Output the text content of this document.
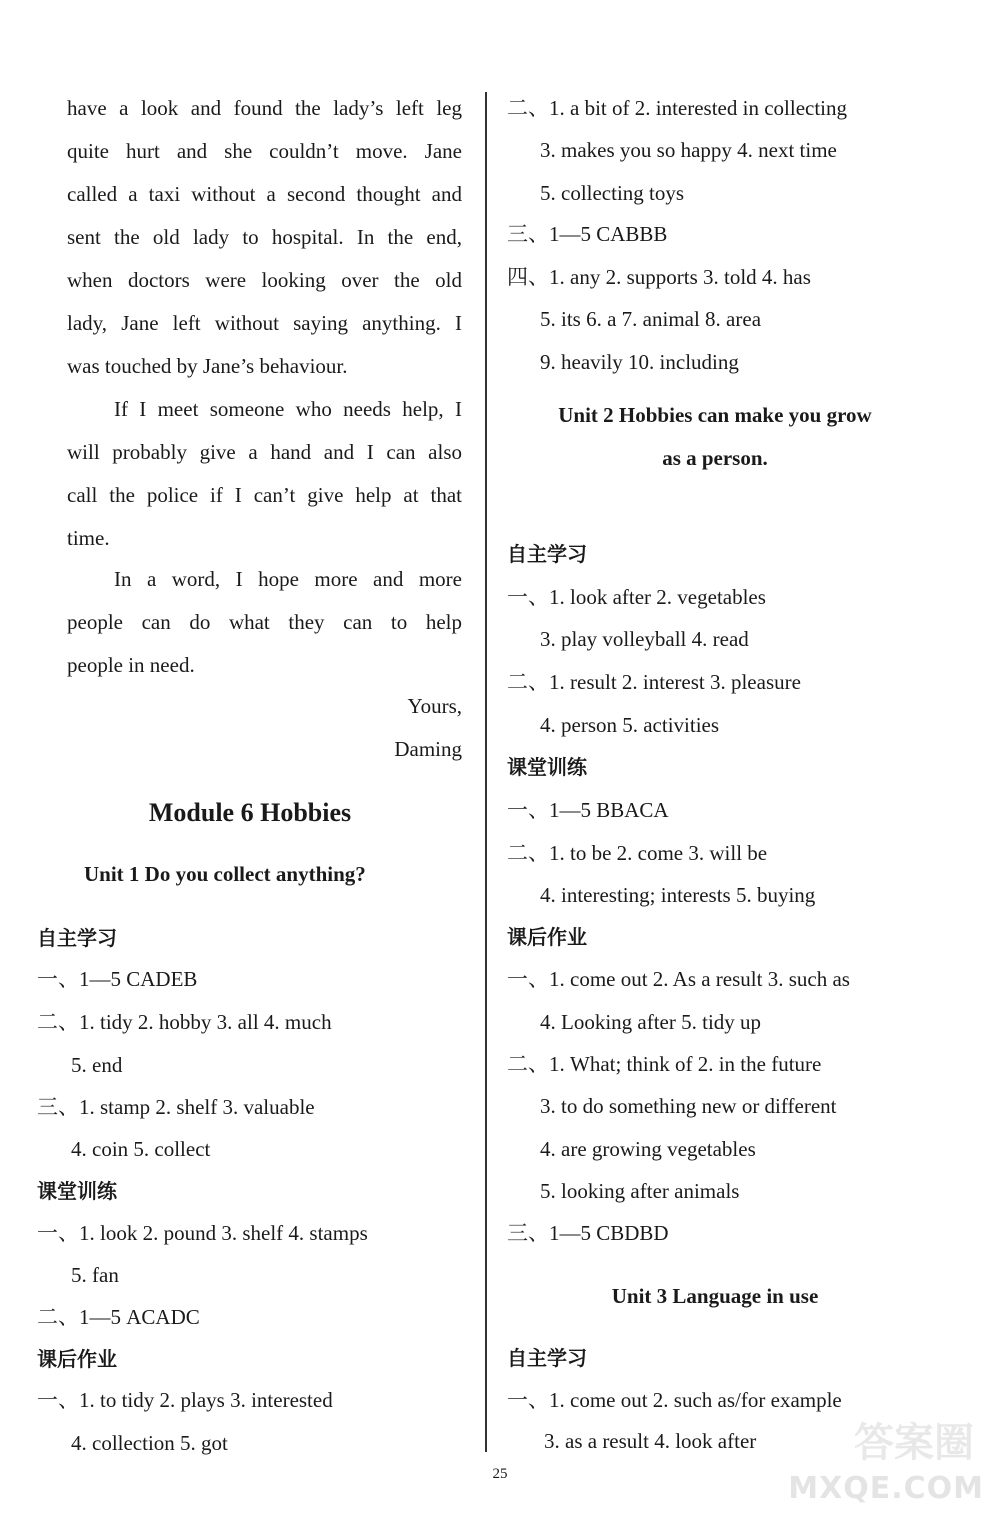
have a look and found the lady’s left leg
quite hurt and she couldn’t move. Jane
called a taxi without a second thought and
sent the old lady to hospital. In the end,
when doctors were looking over the old
lady, Jane left without saying anything. I
was touched by Jane’s behaviour.
If I meet someone who needs help, I
will probably give a hand and I can also
call the police if I can’t give help at that
time.
In a word, I hope more and more
people can do what they can to help
people in need.
Yours,
Daming
Module 6 Hobbies
Unit 1 Do you collect anything?
自主学习
一、1—5 CADEB
二、1. tidy 2. hobby 3. all 4. much
5. end
三、1. stamp 2. shelf 3. valuable
4. coin 5. collect
课堂训练
一、1. look 2. pound 3. shelf 4. stamps
5. fan
二、1—5 ACADC
课后作业
一、1. to tidy 2. plays 3. interested
4. collection 5. got
二、1. a bit of 2. interested in collecting
3. makes you so happy 4. next time
5. collecting toys
三、1—5 CABBB
四、1. any 2. supports 3. told 4. has
5. its 6. a 7. animal 8. area
9. heavily 10. including
Unit 2 Hobbies can make you grow
as a person.
自主学习
一、1. look after 2. vegetables
3. play volleyball 4. read
二、1. result 2. interest 3. pleasure
4. person 5. activities
课堂训练
一、1—5 BBACA
二、1. to be 2. come 3. will be
4. interesting; interests 5. buying
课后作业
一、1. come out 2. As a result 3. such as
4. Looking after 5. tidy up
二、1. What; think of 2. in the future
3. to do something new or different
4. are growing vegetables
5. looking after animals
三、1—5 CBDBD
Unit 3 Language in use
自主学习
一、1. come out 2. such as/for example
3. as a result 4. look after
25
答案圈
MXQE.COM
